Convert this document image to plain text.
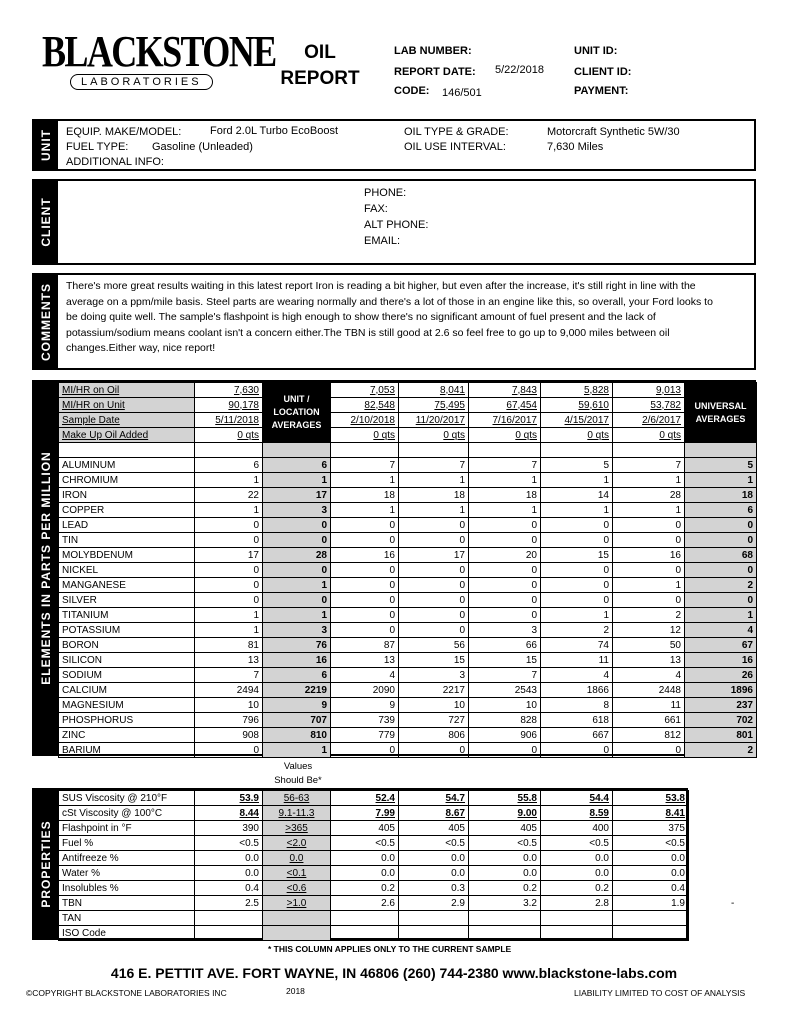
BLACKSTONE
LABORATORIES
OIL
REPORT
LAB NUMBER:
REPORT DATE: 5/22/2018
CODE: 146/501
UNIT ID:
CLIENT ID:
PAYMENT:
UNIT EQUIP. MAKE/MODEL:	Ford 2.0L Turbo EcoBoost
FUEL TYPE: Gasoline (Unleaded)
ADDITIONAL INFO:
OIL TYPE & GRADE:	Motorcraft Synthetic 5W/30
OIL USE INTERVAL:	7,630 Miles
CLIENT
PHONE:
FAX:
ALT PHONE:
EMAIL:
COMMENTS There's more great results waiting in this latest report Iron is reading a bit higher, but even after the increase, it's still right in line with the average on a ppm/mile basis. Steel parts are wearing normally and there's a lot of those in an engine like this, so overall, your Ford looks to be doing quite well. The sample's flashpoint is high enough to show there's no significant amount of fuel present and the lack of potassium/sodium means coolant isn't a concern either.The TBN is still good at 2.6 so feel free to go up to 9,000 miles between oil changes.Either way, nice report!
ELEMENTS IN PARTS PER MILLION
MI/HR on Oil	7,630	UNIT / LOCATION AVERAGES	7,053	8,041	7,843	5,828	9,013	UNIVERSAL AVERAGES
MI/HR on Unit	90,178		82,548	75,495	67,454	59,610	53,782	
Sample Date	5/11/2018		2/10/2018	11/20/2017	7/16/2017	4/15/2017	2/6/2017	
Make Up Oil Added	0 qts		0 qts	0 qts	0 qts	0 qts	0 qts	

ALUMINUM	6	6	7	7	7	5	7	5
CHROMIUM	1	1	1	1	1	1	1	1
IRON	22	17	18	18	18	14	28	18
COPPER	1	3	1	1	1	1	1	6
LEAD	0	0	0	0	0	0	0	0
TIN	0	0	0	0	0	0	0	0
MOLYBDENUM	17	28	16	17	20	15	16	68
NICKEL	0	0	0	0	0	0	0	0
MANGANESE	0	1	0	0	0	0	1	2
SILVER	0	0	0	0	0	0	0	0
TITANIUM	1	1	0	0	0	1	2	1
POTASSIUM	1	3	0	0	3	2	12	4
BORON	81	76	87	56	66	74	50	67
SILICON	13	16	13	15	15	11	13	16
SODIUM	7	6	4	3	7	4	4	26
CALCIUM	2494	2219	2090	2217	2543	1866	2448	1896
MAGNESIUM	10	9	9	10	10	8	11	237
PHOSPHORUS	796	707	739	727	828	618	661	702
ZINC	908	810	779	806	906	667	812	801
BARIUM	0	1	0	0	0	0	0	2
Values
Should Be*
PROPERTIES
SUS Viscosity @ 210°F	53.9	56-63	52.4	54.7	55.8	54.4	53.8
cSt Viscosity @ 100°C	8.44	9.1-11.3	7.99	8.67	9.00	8.59	8.41
Flashpoint in °F	390	>365	405	405	405	400	375
Fuel %	<0.5	<2.0	<0.5	<0.5	<0.5	<0.5	<0.5
Antifreeze %	0.0	0.0	0.0	0.0	0.0	0.0	0.0
Water %	0.0	<0.1	0.0	0.0	0.0	0.0	0.0
Insolubles %	0.4	<0.6	0.2	0.3	0.2	0.2	0.4
TBN	2.5	>1.0	2.6	2.9	3.2	2.8	1.9
TAN							
ISO Code							
-
* THIS COLUMN APPLIES ONLY TO THE CURRENT SAMPLE
416 E. PETTIT AVE. FORT WAYNE, IN 46806 (260) 744-2380 www.blackstone-labs.com
©COPYRIGHT BLACKSTONE LABORATORIES INC	2018	LIABILITY LIMITED TO COST OF ANALYSIS
